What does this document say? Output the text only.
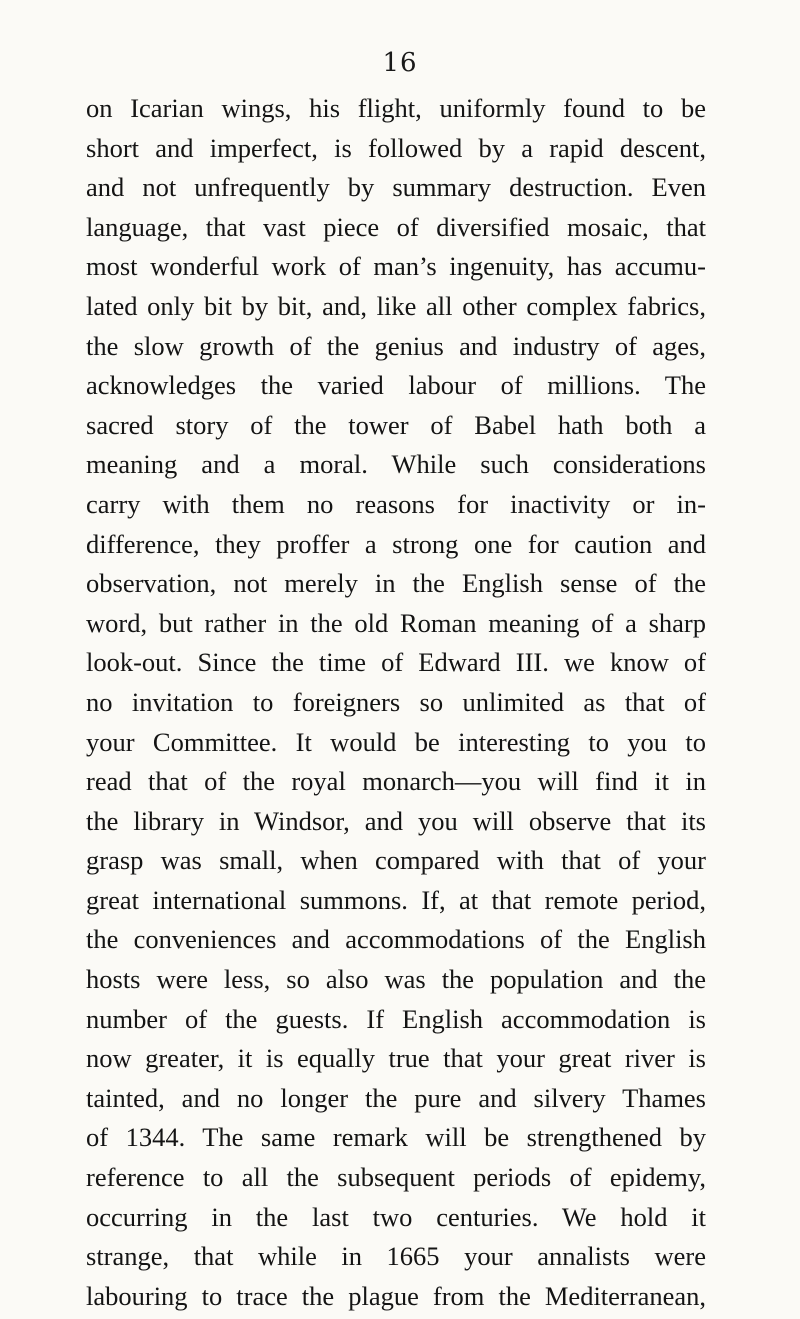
16
on Icarian wings, his flight, uniformly found to be
short and imperfect, is followed by a rapid descent,
and not unfrequently by summary destruction. Even
language, that vast piece of diversified mosaic, that
most wonderful work of man’s ingenuity, has accumu-
lated only bit by bit, and, like all other complex fabrics,
the slow growth of the genius and industry of ages,
acknowledges the varied labour of millions. The
sacred story of the tower of Babel hath both a
meaning and a moral. While such considerations
carry with them no reasons for inactivity or in-
difference, they proffer a strong one for caution and
observation, not merely in the English sense of the
word, but rather in the old Roman meaning of a sharp
look-out. Since the time of Edward III. we know of
no invitation to foreigners so unlimited as that of
your Committee. It would be interesting to you to
read that of the royal monarch—you will find it in
the library in Windsor, and you will observe that its
grasp was small, when compared with that of your
great international summons. If, at that remote period,
the conveniences and accommodations of the English
hosts were less, so also was the population and the
number of the guests. If English accommodation is
now greater, it is equally true that your great river is
tainted, and no longer the pure and silvery Thames
of 1344. The same remark will be strengthened by
reference to all the subsequent periods of epidemy,
occurring in the last two centuries. We hold it
strange, that while in 1665 your annalists were
labouring to trace the plague from the Mediterranean,
